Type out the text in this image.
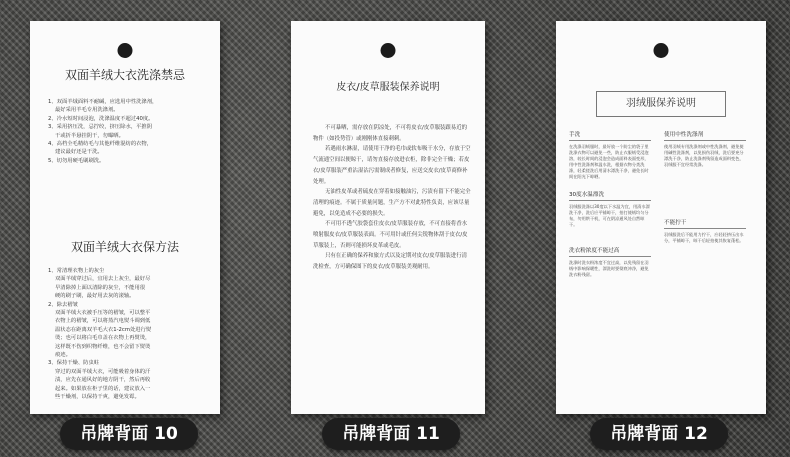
双面羊绒大衣洗涤禁忌
1、双面羊绒面料不耐碱，应选用中性洗涤剂，
最好采用羊毛专用洗涤剂。
2、冷水短时间浸泡，洗涤温度不超过40度。
3、采用挤压洗，忌拧绞，挤压除水，平推阴
干或折半悬挂阴干，勿曝晒。
4、高档全毛精纺毛与其他纤维混纺的衣物，
建议最好还是干洗。
5、切勿用硬毛刷刷洗。
双面羊绒大衣保方法
1、常清理衣物上的灰尘
双面羊绒穿过后，宜用去上灰尘，最好尽
早清除掉上面以清除的灰尘，不能用很
硬的刷子刷，最好用去灰的滚轴。
2、除去褶皱
双面羊绒大衣被手压等的褶皱，可以整平
衣物上的褶皱，可以将蒸汽电熨斗调到低
温状态在距离双羊毛大衣1-2cm处进行熨
烫；也可以将白毛巾盖在衣物上再熨烫，
这样既不伤到织物纤维，也不会留下熨烫
痕迹。
3、保持干燥、防虫蛀
穿过的双面羊绒大衣，可能吸着身体的汗
渍，应先在通风好的地方阴干，然后再收
起来。如果放在柜子里的话，建议放入一
些干燥剂，以保持干爽，避免发霉。
皮衣/皮草服装保养说明
不可暴晒，需存放在阴凉处，不可将皮衣/皮草服装跟易近的物件（如投势管）或刚刚体直接刺刺。
若遇雨水淋湿，请使用干净的毛巾或软布吸干水分，存放于空气流通空间以便晾干，请勿直接存放进衣柜，除非完全干燥；若皮衣/皮草服装严重沾湿沾污需制成者修复，应送交皮衣/皮草商修补处理。
无油性皮革或者硫皮在穿着如接触油污，污渍有留下不能完全清理的痕迹。不属于质量问题，生产方不对此特性负责，应该尽量避免，以免造成不必要的损失。
不可用不透气胶袋套住皮衣/皮草服装存放，不可直接将香水喷射服皮衣/皮草服装表面。不可用针或任何尖锐物体刮于皮衣/皮草服装上，否则可能损坏皮革或毛皮。
只有在正确的保养和旅方式以及定期对皮衣/皮草服装进行清洗检查，方可确保图下的皮衣/皮草服装美观耐用。
羽绒服保养说明
手洗
在洗涤羽绒服时，最好放一个防尘的袋子里洗涤衣物可以避免一些，防止衣服绒受浸泡溶，较长时间的浸泡会造成面料表面变形，用中性洗涤剂和温水洗，根据衣物分类洗涤，轻柔搓洗后用清水漂洗干净，避免长时间在阳光下晾晒。
30度水温漂洗
羽绒服洗涤以30度以下水温为宜，用清水漂洗干净，洗后应平铺晾干，拍打使绒均匀分布，勿用烘干机，可在阴凉通风处自然晾干。
洗衣粉浓度不能过高
洗涤时洗衣粉浓度不宜过高，以免残留在羽绒中影响保暖性，漂洗时要彻底冲净，避免洗衣粉残留。
使用中性洗涤剂
使用羽绒专用洗涤剂或中性洗涤剂，避免使用碱性洗涤剂，以免损伤羽绒，洗后要充分漂洗干净，防止洗涤剂残留造成面料变色，羽绒服不宜经常洗涤。
不能拧干
羽绒服洗后不能用力拧干，应轻轻挤压出水分，平铺晾干，晾干后轻拍使其恢复蓬松。
吊牌背面 10	吊牌背面 11	吊牌背面 12
